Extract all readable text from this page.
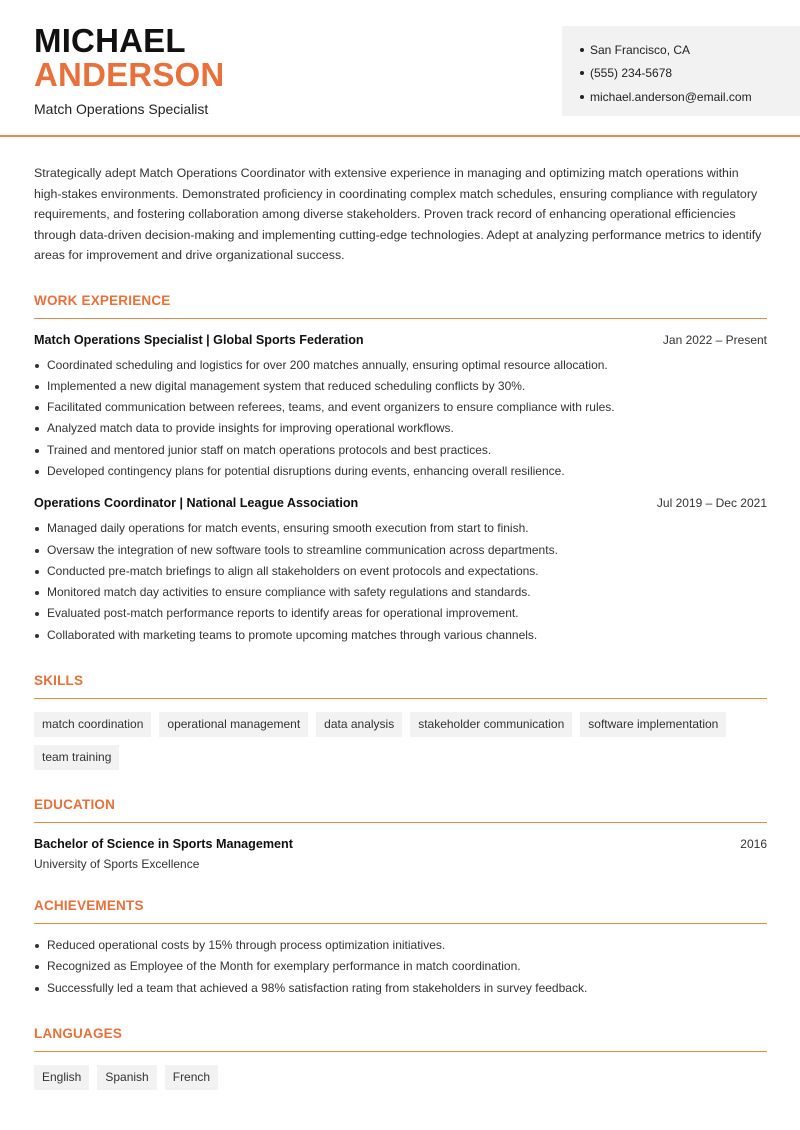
MICHAEL
ANDERSON
Match Operations Specialist
San Francisco, CA
(555) 234-5678
michael.anderson@email.com

Strategically adept Match Operations Coordinator with extensive experience in managing and optimizing match operations within high-stakes environments. Demonstrated proficiency in coordinating complex match schedules, ensuring compliance with regulatory requirements, and fostering collaboration among diverse stakeholders. Proven track record of enhancing operational efficiencies through data-driven decision-making and implementing cutting-edge technologies. Adept at analyzing performance metrics to identify areas for improvement and drive organizational success.

WORK EXPERIENCE
Match Operations Specialist | Global Sports Federation	Jan 2022 – Present
Coordinated scheduling and logistics for over 200 matches annually, ensuring optimal resource allocation.
Implemented a new digital management system that reduced scheduling conflicts by 30%.
Facilitated communication between referees, teams, and event organizers to ensure compliance with rules.
Analyzed match data to provide insights for improving operational workflows.
Trained and mentored junior staff on match operations protocols and best practices.
Developed contingency plans for potential disruptions during events, enhancing overall resilience.
Operations Coordinator | National League Association	Jul 2019 – Dec 2021
Managed daily operations for match events, ensuring smooth execution from start to finish.
Oversaw the integration of new software tools to streamline communication across departments.
Conducted pre-match briefings to align all stakeholders on event protocols and expectations.
Monitored match day activities to ensure compliance with safety regulations and standards.
Evaluated post-match performance reports to identify areas for operational improvement.
Collaborated with marketing teams to promote upcoming matches through various channels.
SKILLS
match coordination	operational management	data analysis	stakeholder communication	software implementation
team training
EDUCATION
Bachelor of Science in Sports Management	2016
University of Sports Excellence
ACHIEVEMENTS
Reduced operational costs by 15% through process optimization initiatives.
Recognized as Employee of the Month for exemplary performance in match coordination.
Successfully led a team that achieved a 98% satisfaction rating from stakeholders in survey feedback.
LANGUAGES
English	Spanish	French
